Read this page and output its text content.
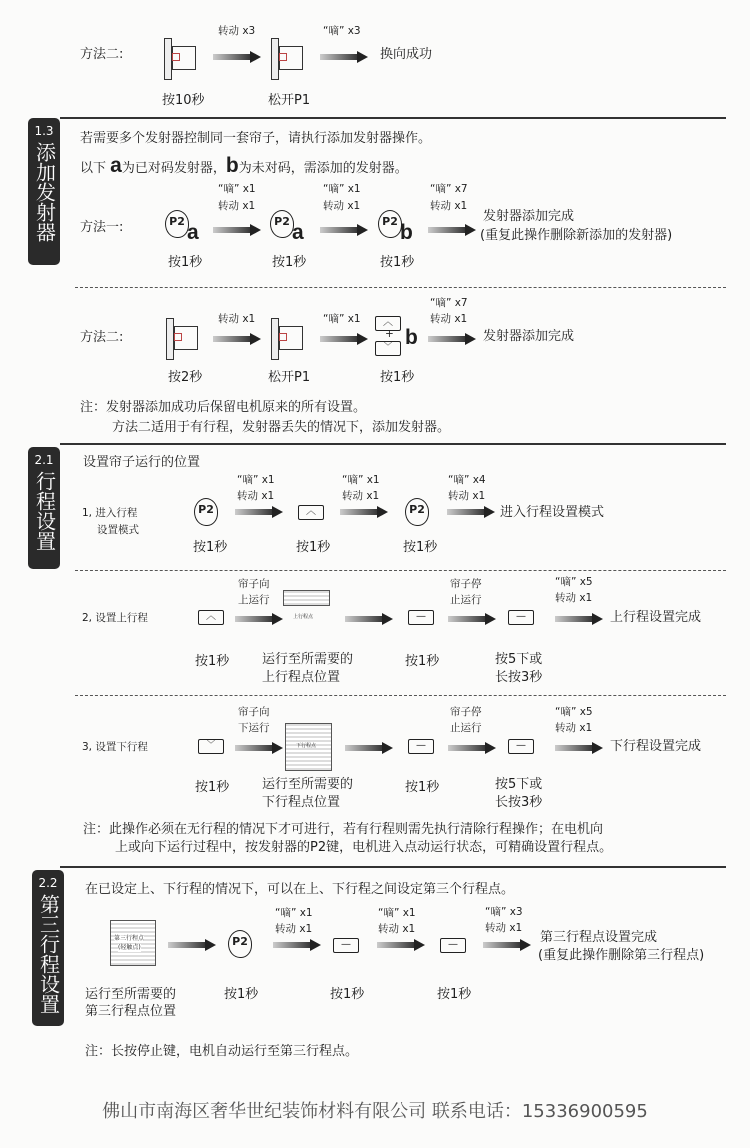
方法二:
转动 x3	“嘀” x3
换向成功
按10秒	松开P1
1.3
添加发射器
若需要多个发射器控制同一套帘子，请执行添加发射器操作。
以下 a为已对码发射器，b为未对码，需添加的发射器。
方法一:	P2 a	P2 a	P2 b
“嘀” x1
转动 x1
“嘀” x1
转动 x1
“嘀” x7
转动 x1
发射器添加完成
(重复此操作删除新添加的发射器)
按1秒	按1秒	按1秒
方法二:
转动 x1	“嘀” x1	︿
+
﹀ b
“嘀” x7
转动 x1
发射器添加完成
按2秒	松开P1	按1秒
注：发射器添加成功后保留电机原来的所有设置。
方法二适用于有行程，发射器丢失的情况下，添加发射器。
2.1
行程设置
设置帘子运行的位置
1, 进入行程
设置模式
P2
“嘀” x1
转动 x1
︿
“嘀” x1
转动 x1
P2
“嘀” x4
转动 x1
进入行程设置模式
按1秒	按1秒	按1秒
2, 设置上行程	︿
帘子向
上运行
上行程点	—
帘子停
止运行
—
“嘀” x5
转动 x1
上行程设置完成
按1秒	运行至所需要的
上行程点位置
按1秒	按5下或
长按3秒
3, 设置下行程	﹀
帘子向
下运行
下行程点	—
帘子停
止运行
—
“嘀” x5
转动 x1
下行程设置完成
按1秒	运行至所需要的
下行程点位置
按1秒	按5下或
长按3秒
注：此操作必须在无行程的情况下才可进行，若有行程则需先执行清除行程操作；在电机向
上或向下运行过程中，按发射器的P2键，电机进入点动运行状态，可精确设置行程点。
2.2
第三行程设置
在已设定上、下行程的情况下，可以在上、下行程之间设定第三个行程点。
第三行程点
(轻触点)	P2
“嘀” x1
转动 x1
—
“嘀” x1
转动 x1
—
“嘀” x3
转动 x1
第三行程点设置完成
(重复此操作删除第三行程点)
运行至所需要的
第三行程点位置
按1秒	按1秒	按1秒
注：长按停止键，电机自动运行至第三行程点。
佛山市南海区奢华世纪装饰材料有限公司 联系电话：15336900595
